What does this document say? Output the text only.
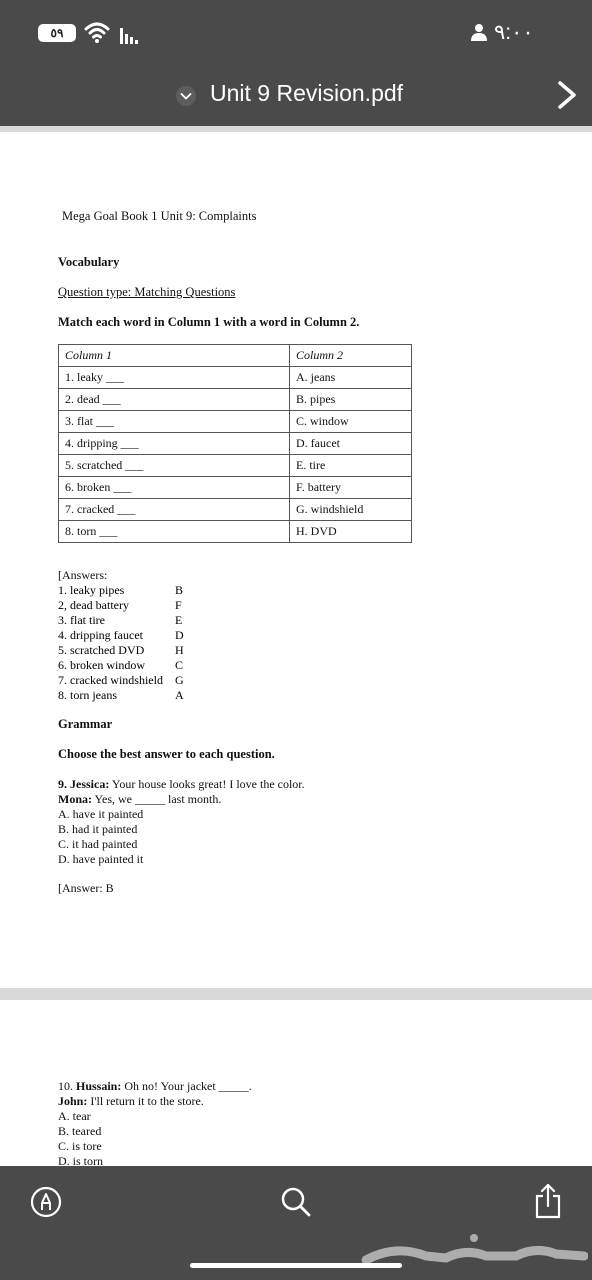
٥٩	٩:٠٠
Unit 9 Revision.pdf
Mega Goal Book 1 Unit 9: Complaints
Vocabulary
Question type: Matching Questions
Match each word in Column 1 with a word in Column 2.
Column 1	Column 2
1. leaky ___	A. jeans
2. dead ___	B. pipes
3. flat ___	C. window
4. dripping ___	D. faucet
5. scratched ___	E. tire
6. broken ___	F. battery
7. cracked ___	G. windshield
8. torn ___	H. DVD
[Answers:
1. leaky pipes	B
2, dead battery	F
3. flat tire	E
4. dripping faucet	D
5. scratched DVD	H
6. broken window	C
7. cracked windshield G
8. torn jeans	A
Grammar
Choose the best answer to each question.
9. Jessica: Your house looks great! I love the color.
Mona: Yes, we _____ last month.
A. have it painted
B. had it painted
C. it had painted
D. have painted it
[Answer: B
10. Hussain: Oh no! Your jacket _____.
John: I'll return it to the store.
A. tear
B. teared
C. is tore
D. is torn
